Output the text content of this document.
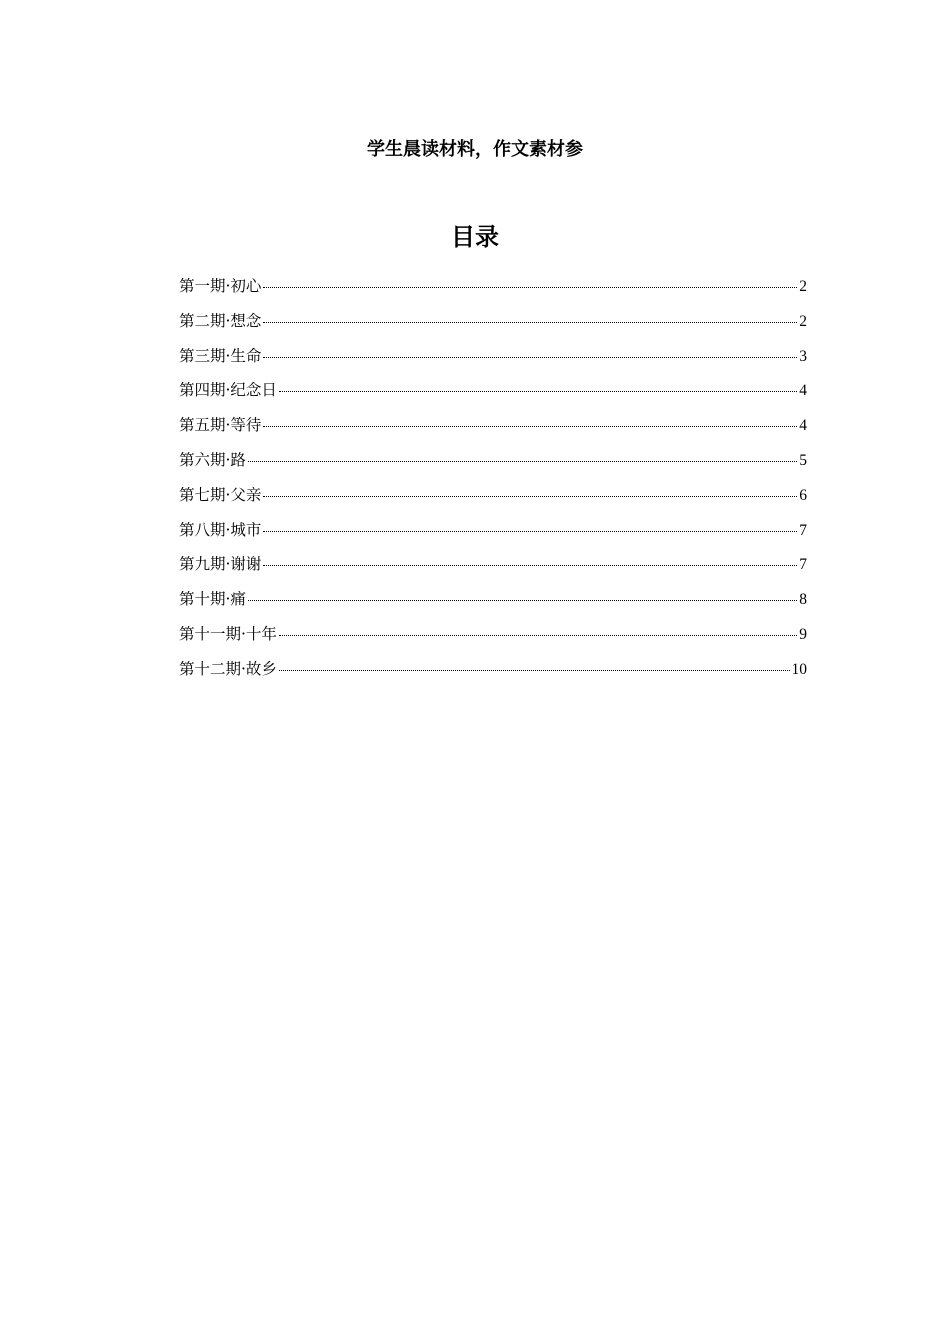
学生晨读材料，作文素材参
目录
第一期·初心	2
第二期·想念	2
第三期·生命	3
第四期·纪念日	4
第五期·等待	4
第六期·路	5
第七期·父亲	6
第八期·城市	7
第九期·谢谢	7
第十期·痛	8
第十一期·十年	9
第十二期·故乡	10
